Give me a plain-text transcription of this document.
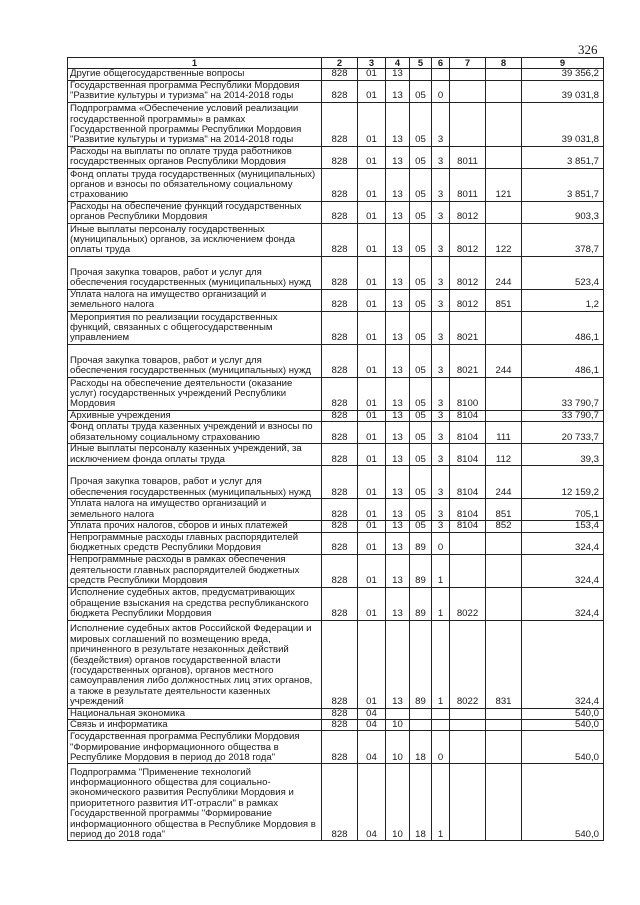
326
1	2	3	4	5	6	7	8	9
Другие общегосударственные вопросы	828	01	13					39 356,2
Государственная программа Республики Мордовия "Развитие культуры и туризма" на 2014-2018 годы	828	01	13	05	0			39 031,8
Подпрограмма «Обеспечение условий реализации государственной программы» в рамках Государственной программы Республики Мордовия "Развитие культуры и туризма" на 2014-2018 годы	828	01	13	05	3			39 031,8
Расходы на выплаты по оплате труда работников государственных органов Республики Мордовия	828	01	13	05	3	8011		3 851,7
Фонд оплаты труда государственных (муниципальных) органов и взносы по обязательному социальному страхованию	828	01	13	05	3	8011	121	3 851,7
Расходы на обеспечение функций государственных органов Республики Мордовия	828	01	13	05	3	8012		903,3
Иные выплаты персоналу государственных (муниципальных) органов, за исключением фонда оплаты труда	828	01	13	05	3	8012	122	378,7
Прочая закупка товаров, работ и услуг для обеспечения государственных (муниципальных) нужд	828	01	13	05	3	8012	244	523,4
Уплата налога на имущество организаций и земельного налога	828	01	13	05	3	8012	851	1,2
Мероприятия по реализации государственных функций, связанных с общегосударственным управлением	828	01	13	05	3	8021		486,1
Прочая закупка товаров, работ и услуг для обеспечения государственных (муниципальных) нужд	828	01	13	05	3	8021	244	486,1
Расходы на обеспечение деятельности (оказание услуг) государственных учреждений Республики Мордовия	828	01	13	05	3	8100		33 790,7
Архивные учреждения	828	01	13	05	3	8104		33 790,7
Фонд оплаты труда казенных учреждений и взносы по обязательному социальному страхованию	828	01	13	05	3	8104	111	20 733,7
Иные выплаты персоналу казенных учреждений, за исключением фонда оплаты труда	828	01	13	05	3	8104	112	39,3
Прочая закупка товаров, работ и услуг для обеспечения государственных (муниципальных) нужд	828	01	13	05	3	8104	244	12 159,2
Уплата налога на имущество организаций и земельного налога	828	01	13	05	3	8104	851	705,1
Уплата прочих налогов, сборов и иных платежей	828	01	13	05	3	8104	852	153,4
Непрограммные расходы главных распорядителей бюджетных средств Республики Мордовия	828	01	13	89	0			324,4
Непрограммные расходы в рамках обеспечения деятельности главных распорядителей бюджетных средств Республики Мордовия	828	01	13	89	1			324,4
Исполнение судебных актов, предусматривающих обращение взыскания на средства республиканского бюджета Республики Мордовия	828	01	13	89	1	8022		324,4
Исполнение судебных актов Российской Федерации и мировых соглашений по возмещению вреда, причиненного в результате незаконных действий (бездействия) органов государственной власти (государственных органов), органов местного самоуправления либо должностных лиц этих органов, а также в результате деятельности казенных учреждений	828	01	13	89	1	8022	831	324,4
Национальная экономика	828	04						540,0
Связь и информатика	828	04	10					540,0
Государственная программа Республики Мордовия "Формирование информационного общества в Республике Мордовия в период до 2018 года"	828	04	10	18	0			540,0
Подпрограмма "Применение технологий информационного общества для социально-экономического развития Республики Мордовия и приоритетного развития ИТ-отрасли" в рамках Государственной программы "Формирование информационного общества в Республике Мордовия в период до 2018 года"	828	04	10	18	1			540,0
